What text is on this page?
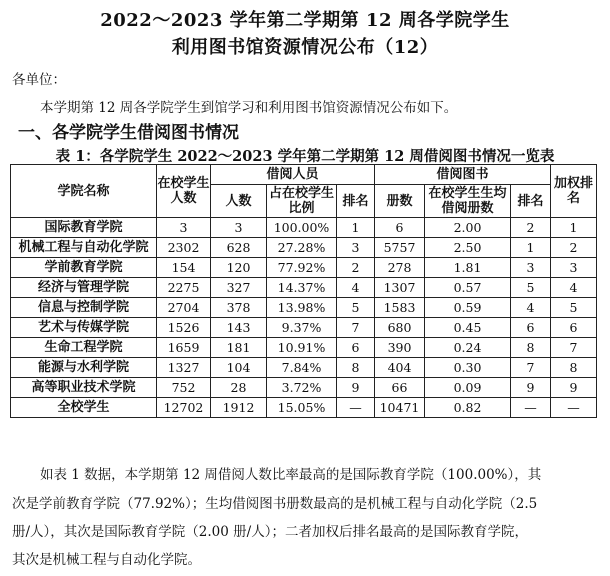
2022～2023 学年第二学期第 12 周各学院学生
利用图书馆资源情况公布（12）
各单位：
本学期第 12 周各学院学生到馆学习和利用图书馆资源情况公布如下。
一、各学院学生借阅图书情况
表 1：各学院学生 2022～2023 学年第二学期第 12 周借阅图书情况一览表
学院名称	在校学生人数	借阅人员			借阅图书			加权排名
		人数	占在校学生比例	排名	册数	在校学生生均借阅册数	排名	
国际教育学院	3	3	100.00%	1	6	2.00	2	1
机械工程与自动化学院	2302	628	27.28%	3	5757	2.50	1	2
学前教育学院	154	120	77.92%	2	278	1.81	3	3
经济与管理学院	2275	327	14.37%	4	1307	0.57	5	4
信息与控制学院	2704	378	13.98%	5	1583	0.59	4	5
艺术与传媒学院	1526	143	9.37%	7	680	0.45	6	6
生命工程学院	1659	181	10.91%	6	390	0.24	8	7
能源与水利学院	1327	104	7.84%	8	404	0.30	7	8
高等职业技术学院	752	28	3.72%	9	66	0.09	9	9
全校学生	12702	1912	15.05%	—	10471	0.82	—	—
如表 1 数据，本学期第 12 周借阅人数比率最高的是国际教育学院（100.00%），其
次是学前教育学院（77.92%）；生均借阅图书册数最高的是机械工程与自动化学院（2.5
册/人），其次是国际教育学院（2.00 册/人）；二者加权后排名最高的是国际教育学院，
其次是机械工程与自动化学院。
